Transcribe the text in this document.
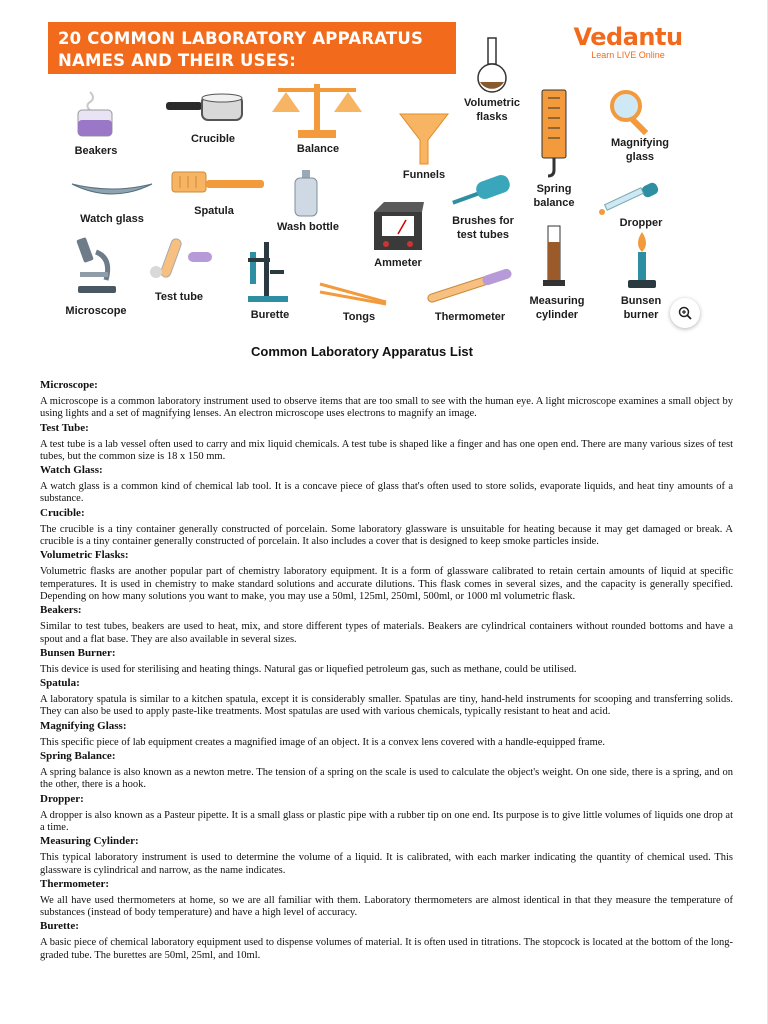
20 COMMON LABORATORY APPARATUS
NAMES AND THEIR USES:
Vedantu
Learn LIVE Online
Beakers
Crucible
Balance
Volumetric
flasks
Magnifying
glass
Funnels
Spring
balance
Watch glass
Spatula
Wash bottle	Brushes for
test tubes
Dropper
Ammeter
Microscope
Test tube
Burette	Tongs	Thermometer
Measuring
cylinder
Bunsen
burner
Common Laboratory Apparatus List
Microscope:
A microscope is a common laboratory instrument used to observe items that are too small to see with the human eye. A light microscope examines a small object by using lights and a set of magnifying lenses. An electron microscope uses electrons to magnify an image.
Test Tube:
A test tube is a lab vessel often used to carry and mix liquid chemicals. A test tube is shaped like a finger and has one open end. There are many various sizes of test tubes, but the common size is 18 x 150 mm.
Watch Glass:
A watch glass is a common kind of chemical lab tool. It is a concave piece of glass that's often used to store solids, evaporate liquids, and heat tiny amounts of a substance.
Crucible:
The crucible is a tiny container generally constructed of porcelain. Some laboratory glassware is unsuitable for heating because it may get damaged or break. A crucible is a tiny container generally constructed of porcelain. It also includes a cover that is designed to keep smoke particles inside.
Volumetric Flasks:
Volumetric flasks are another popular part of chemistry laboratory equipment. It is a form of glassware calibrated to retain certain amounts of liquid at specific temperatures. It is used in chemistry to make standard solutions and accurate dilutions. This flask comes in several sizes, and the capacity is generally specified. Depending on how many solutions you want to make, you may use a 50ml, 125ml, 250ml, 500ml, or 1000 ml volumetric flask.
Beakers:
Similar to test tubes, beakers are used to heat, mix, and store different types of materials. Beakers are cylindrical containers without rounded bottoms and have a spout and a flat base. They are also available in several sizes.
Bunsen Burner:
This device is used for sterilising and heating things. Natural gas or liquefied petroleum gas, such as methane, could be utilised.
Spatula:
A laboratory spatula is similar to a kitchen spatula, except it is considerably smaller. Spatulas are tiny, hand-held instruments for scooping and transferring solids. They can also be used to apply paste-like treatments. Most spatulas are used with various chemicals, typically resistant to heat and acid.
Magnifying Glass:
This specific piece of lab equipment creates a magnified image of an object. It is a convex lens covered with a handle-equipped frame.
Spring Balance:
A spring balance is also known as a newton metre. The tension of a spring on the scale is used to calculate the object's weight. On one side, there is a spring, and on the other, there is a hook.
Dropper:
A dropper is also known as a Pasteur pipette. It is a small glass or plastic pipe with a rubber tip on one end. Its purpose is to give little volumes of liquids one drop at a time.
Measuring Cylinder:
This typical laboratory instrument is used to determine the volume of a liquid. It is calibrated, with each marker indicating the quantity of chemical used. This glassware is cylindrical and narrow, as the name indicates.
Thermometer:
We all have used thermometers at home, so we are all familiar with them. Laboratory thermometers are almost identical in that they measure the temperature of substances (instead of body temperature) and have a high level of accuracy.
Burette:
A basic piece of chemical laboratory equipment used to dispense volumes of material. It is often used in titrations. The stopcock is located at the bottom of the long-graded tube. The burettes are 50ml, 25ml, and 10ml.
